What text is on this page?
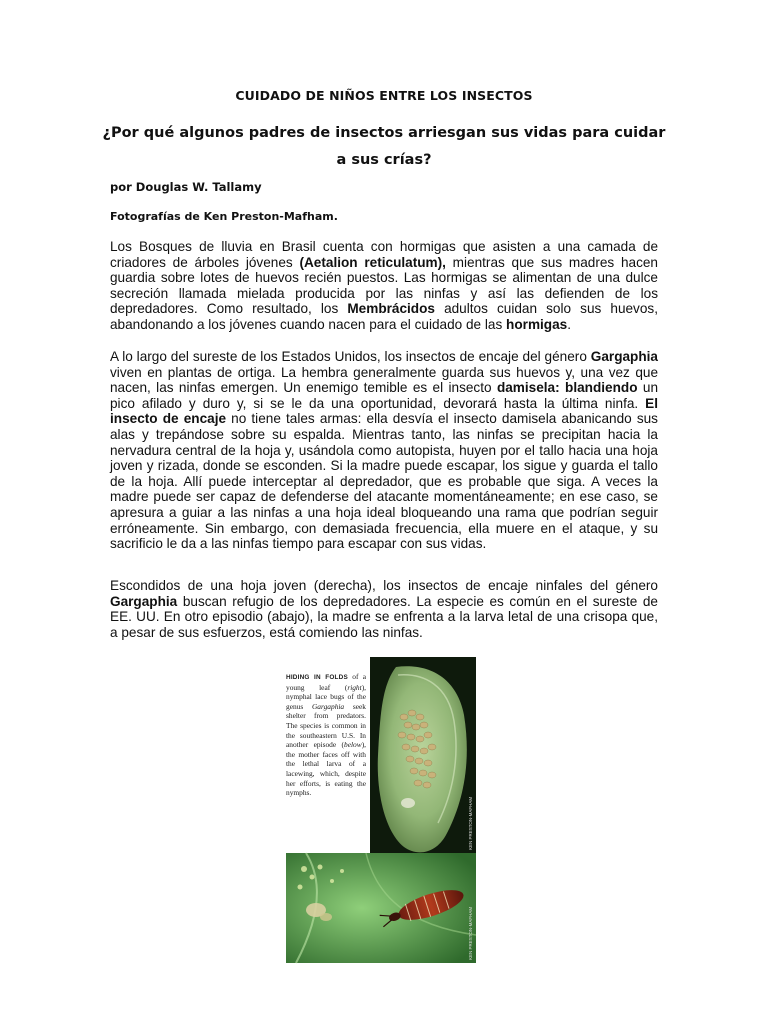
CUIDADO DE NIÑOS ENTRE LOS INSECTOS
¿Por qué algunos padres de insectos arriesgan sus vidas para cuidar a sus crías?
por Douglas W. Tallamy
Fotografías de Ken Preston-Mafham.
Los Bosques de lluvia en Brasil cuenta con hormigas que asisten a una camada de criadores de árboles jóvenes (Aetalion reticulatum), mientras que sus madres hacen guardia sobre lotes de huevos recién puestos. Las hormigas se alimentan de una dulce secreción llamada mielada producida por las ninfas y así las defienden de los depredadores. Como resultado, los Membrácidos adultos cuidan solo sus huevos, abandonando a los jóvenes cuando nacen para el cuidado de las hormigas.
A lo largo del sureste de los Estados Unidos, los insectos de encaje del género Gargaphia viven en plantas de ortiga. La hembra generalmente guarda sus huevos y, una vez que nacen, las ninfas emergen. Un enemigo temible es el insecto damisela: blandiendo un pico afilado y duro y, si se le da una oportunidad, devorará hasta la última ninfa. El insecto de encaje no tiene tales armas: ella desvía el insecto damisela abanicando sus alas y trepándose sobre su espalda. Mientras tanto, las ninfas se precipitan hacia la nervadura central de la hoja y, usándola como autopista, huyen por el tallo hacia una hoja joven y rizada, donde se esconden. Si la madre puede escapar, los sigue y guarda el tallo de la hoja. Allí puede interceptar al depredador, que es probable que siga. A veces la madre puede ser capaz de defenderse del atacante momentáneamente; en ese caso, se apresura a guiar a las ninfas a una hoja ideal bloqueando una rama que podrían seguir erróneamente. Sin embargo, con demasiada frecuencia, ella muere en el ataque, y su sacrificio le da a las ninfas tiempo para escapar con sus vidas.
Escondidos de una hoja joven (derecha), los insectos de encaje ninfales del género Gargaphia buscan refugio de los depredadores. La especie es común en el sureste de EE. UU. En otro episodio (abajo), la madre se enfrenta a la larva letal de una crisopa que, a pesar de sus esfuerzos, está comiendo las ninfas.
KEN PRESTON-MAFHAM
KEN PRESTON-MAFHAM
HIDING IN FOLDS of a young leaf (right), nymphal lace bugs of the genus Gargaphia seek shelter from predators. The species is common in the southeastern U.S. In another episode (below), the mother faces off with the lethal larva of a lacewing, which, despite her efforts, is eating the nymphs.
